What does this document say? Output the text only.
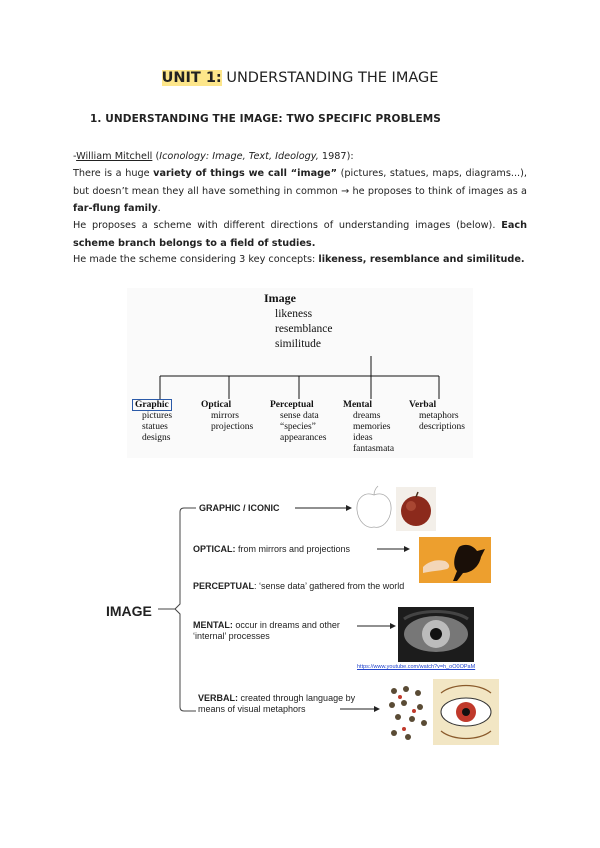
UNIT 1: UNDERSTANDING THE IMAGE
1. UNDERSTANDING THE IMAGE: TWO SPECIFIC PROBLEMS
-William Mitchell (Iconology: Image, Text, Ideology, 1987):
There is a huge variety of things we call “image” (pictures, statues, maps, diagrams...), but doesn’t mean they all have something in common → he proposes to think of images as a far-flung family.
He proposes a scheme with different directions of understanding images (below). Each scheme branch belongs to a field of studies.
He made the scheme considering 3 key concepts: likeness, resemblance and similitude.
Image
likeness
resemblance
similitude
Graphic
pictures
statues
designs
Optical
mirrors
projections
Perceptual
sense data
“species”
appearances
Mental
dreams
memories
ideas
fantasmata
Verbal
metaphors
descriptions
IMAGE
GRAPHIC / ICONIC
OPTICAL: from mirrors and projections
PERCEPTUAL: ‘sense data’ gathered from the world
MENTAL: occur in dreams and other ‘internal’ processes
VERBAL: created through language by means of visual metaphors
https://www.youtube.com/watch?v=h_oO0OPaM
